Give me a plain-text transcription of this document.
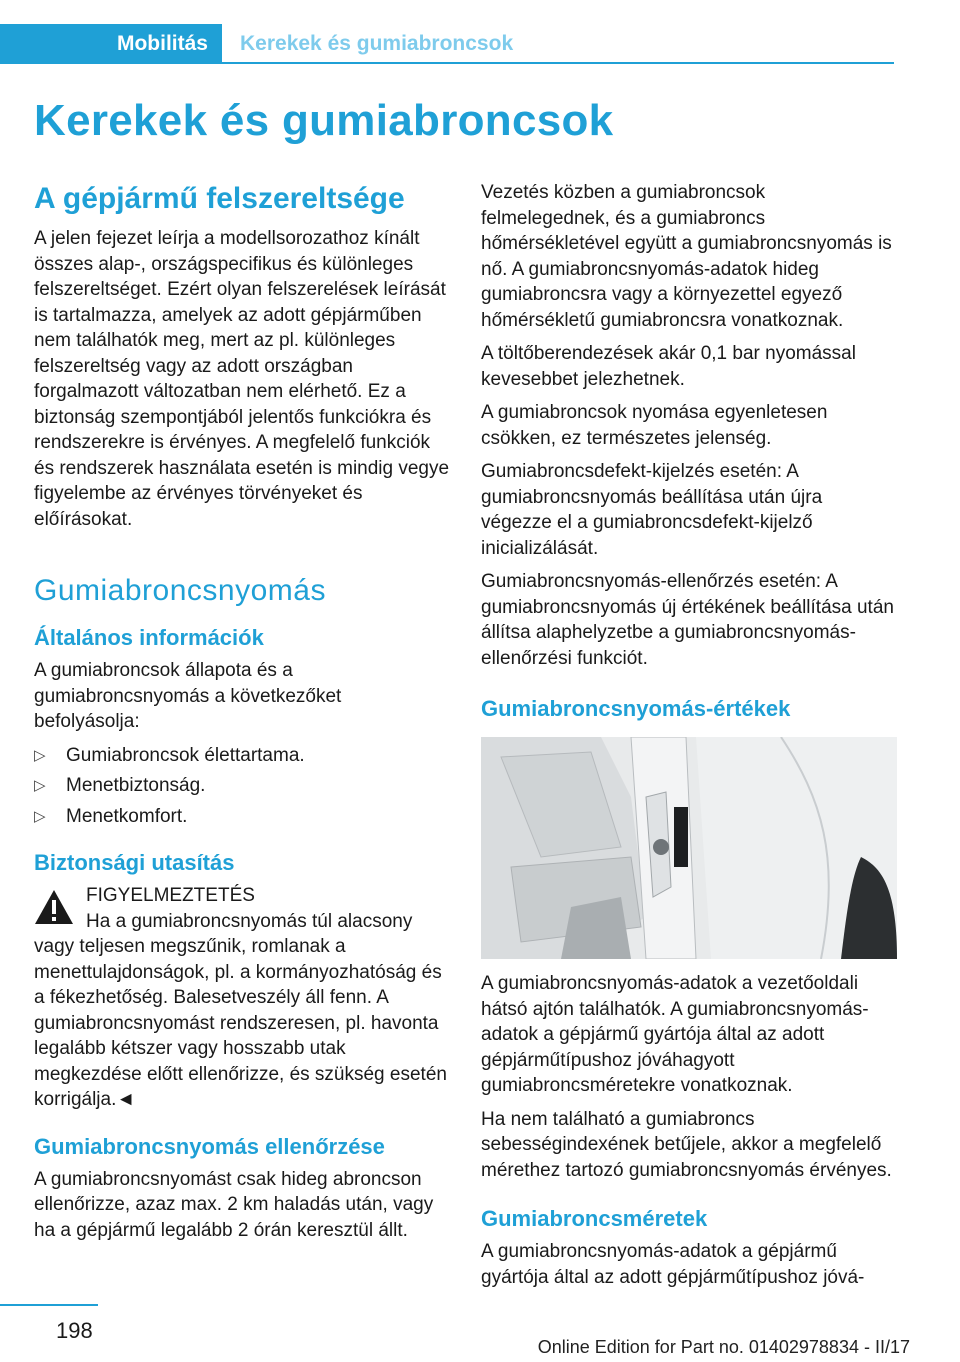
Mobilitás	Kerekek és gumiabroncsok
Kerekek és gumiabroncsok
A gépjármű felszereltsége

A jelen fejezet leírja a modellsorozathoz kínált összes alap-, országspecifikus és különleges felszereltséget. Ezért olyan felszerelések leírását is tartalmazza, amelyek az adott gépjárműben nem találhatók meg, mert az pl. különleges felszereltség vagy az adott országban forgalmazott változatban nem elérhető. Ez a biztonság szempontjából jelentős funkciókra és rendszerekre is érvényes. A megfelelő funkciók és rendszerek használata esetén is mindig vegye figyelembe az érvényes törvényeket és előírásokat.

Gumiabroncsnyomás
Általános információk

A gumiabroncsok állapota és a gumiabroncsnyomás a következőket befolyásolja:

▷ Gumiabroncsok élettartama.
▷ Menetbiztonság.
▷ Menetkomfort.
Biztonsági utasítás
FIGYELMEZTETÉS

Ha a gumiabroncsnyomás túl alacsony vagy teljesen megszűnik, romlanak a menettulajdonságok, pl. a kormányozhatóság és a fékezhetőség. Balesetveszély áll fenn. A gumiabroncsnyomást rendszeresen, pl. havonta legalább kétszer vagy hosszabb utak megkezdése előtt ellenőrizze, és szükség esetén korrigálja.◄

Gumiabroncsnyomás ellenőrzése

A gumiabroncsnyomást csak hideg abroncson ellenőrizze, azaz max. 2 km haladás után, vagy ha a gépjármű legalább 2 órán keresztül állt.

Vezetés közben a gumiabroncsok felmelegednek, és a gumiabroncs hőmérsékletével együtt a gumiabroncsnyomás is nő. A gumiabroncsnyomás-adatok hideg gumiabroncsra vagy a környezettel egyező hőmérsékletű gumiabroncsra vonatkoznak.

A töltőberendezések akár 0,1 bar nyomással kevesebbet jelezhetnek.

A gumiabroncsok nyomása egyenletesen csökken, ez természetes jelenség.

Gumiabroncsdefekt-kijelzés esetén: A gumiabroncsnyomás beállítása után újra végezze el a gumiabroncsdefekt-kijelző inicializálását.

Gumiabroncsnyomás-ellenőrzés esetén: A gumiabroncsnyomás új értékének beállítása után állítsa alaphelyzetbe a gumiabroncsnyomás-ellenőrzési funkciót.

Gumiabroncsnyomás-értékek

A gumiabroncsnyomás-adatok a vezetőoldali hátsó ajtón találhatók. A gumiabroncsnyomás-adatok a gépjármű gyártója által az adott gépjárműtípushoz jóváhagyott gumiabroncsméretekre vonatkoznak.

Ha nem található a gumiabroncs sebességindexének betűjele, akkor a megfelelő mérethez tartozó gumiabroncsnyomás érvényes.

Gumiabroncsméretek

A gumiabroncsnyomás-adatok a gépjármű gyártója által az adott gépjárműtípushoz jóvá-

198
Online Edition for Part no. 01402978834 - II/17
